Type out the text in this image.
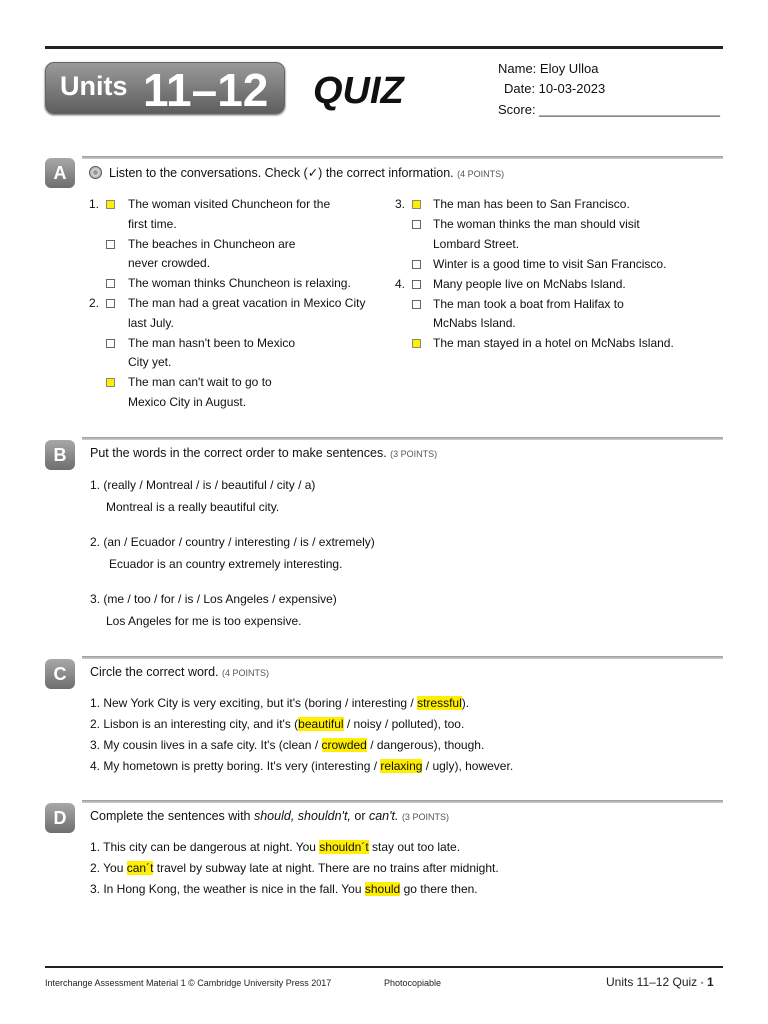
Units 11–12 QUIZ
Name: Eloy Ulloa
Date: 10-03-2023
Score: _________________________
A	Listen to the conversations. Check (✓) the correct information. (4 POINTS)
1. The woman visited Chuncheon for the
first time.
The beaches in Chuncheon are
never crowded.
The woman thinks Chuncheon is relaxing.
2. The man had a great vacation in Mexico City
last July.
The man hasn't been to Mexico
City yet.
The man can't wait to go to
Mexico City in August.
3. The man has been to San Francisco.
The woman thinks the man should visit
Lombard Street.
Winter is a good time to visit San Francisco.
4. Many people live on McNabs Island.
The man took a boat from Halifax to
McNabs Island.
The man stayed in a hotel on McNabs Island.
B	Put the words in the correct order to make sentences. (3 POINTS)
1. (really / Montreal / is / beautiful / city / a)
Montreal is a really beautiful city.
2. (an / Ecuador / country / interesting / is / extremely)
Ecuador is an country extremely interesting.
3. (me / too / for / is / Los Angeles / expensive)
Los Angeles for me is too expensive.
C	Circle the correct word. (4 POINTS)
1. New York City is very exciting, but it's (boring / interesting / stressful).
2. Lisbon is an interesting city, and it's (beautiful / noisy / polluted), too.
3. My cousin lives in a safe city. It's (clean / crowded / dangerous), though.
4. My hometown is pretty boring. It's very (interesting / relaxing / ugly), however.
D	Complete the sentences with should, shouldn't, or can't. (3 POINTS)
1. This city can be dangerous at night. You shouldn´t stay out too late.
2. You can´t travel by subway late at night. There are no trains after midnight.
3. In Hong Kong, the weather is nice in the fall. You should go there then.
Interchange Assessment Material 1 © Cambridge University Press 2017	Photocopiable	Units 11–12 Quiz • 1
